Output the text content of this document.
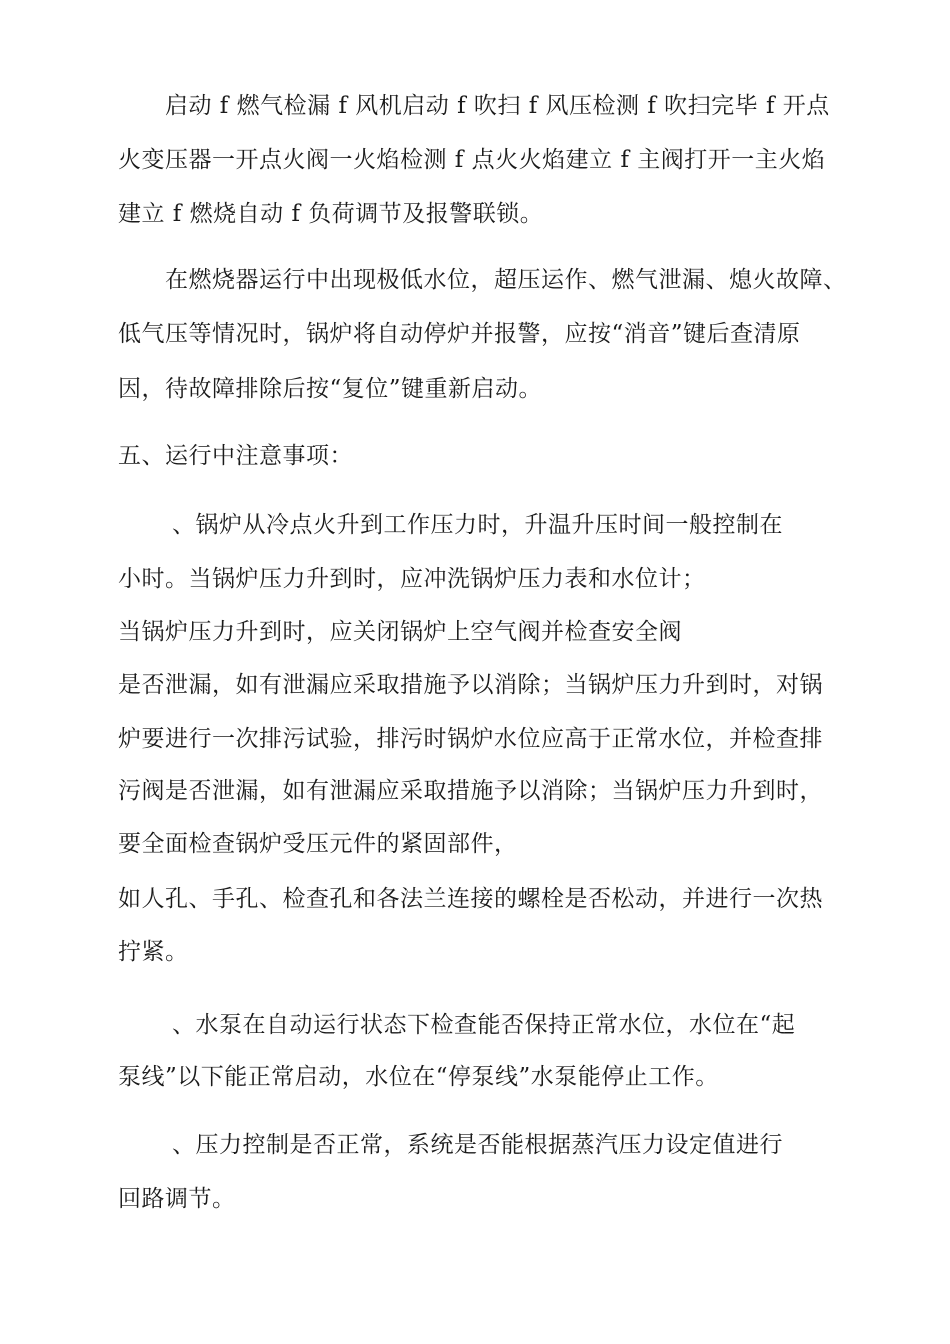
启动 f 燃气检漏 f 风机启动 f 吹扫 f 风压检测 f 吹扫完毕 f 开点
火变压器一开点火阀一火焰检测 f 点火火焰建立 f 主阀打开一主火焰
建立 f 燃烧自动 f 负荷调节及报警联锁。
在燃烧器运行中出现极低水位，超压运作、燃气泄漏、熄火故障、
低气压等情况时，锅炉将自动停炉并报警，应按“消音”键后查清原
因，待故障排除后按“复位”键重新启动。
五、运行中注意事项：
、锅炉从冷点火升到工作压力时，升温升压时间一般控制在
小时。当锅炉压力升到时，应冲洗锅炉压力表和水位计；
当锅炉压力升到时，应关闭锅炉上空气阀并检查安全阀
是否泄漏，如有泄漏应采取措施予以消除；当锅炉压力升到时，对锅
炉要进行一次排污试验，排污时锅炉水位应高于正常水位，并检查排
污阀是否泄漏，如有泄漏应采取措施予以消除；当锅炉压力升到时，
要全面检查锅炉受压元件的紧固部件，
如人孔、手孔、检查孔和各法兰连接的螺栓是否松动，并进行一次热
拧紧。
、水泵在自动运行状态下检查能否保持正常水位，水位在“起
泵线”以下能正常启动，水位在“停泵线”水泵能停止工作。
、压力控制是否正常，系统是否能根据蒸汽压力设定值进行
回路调节。
